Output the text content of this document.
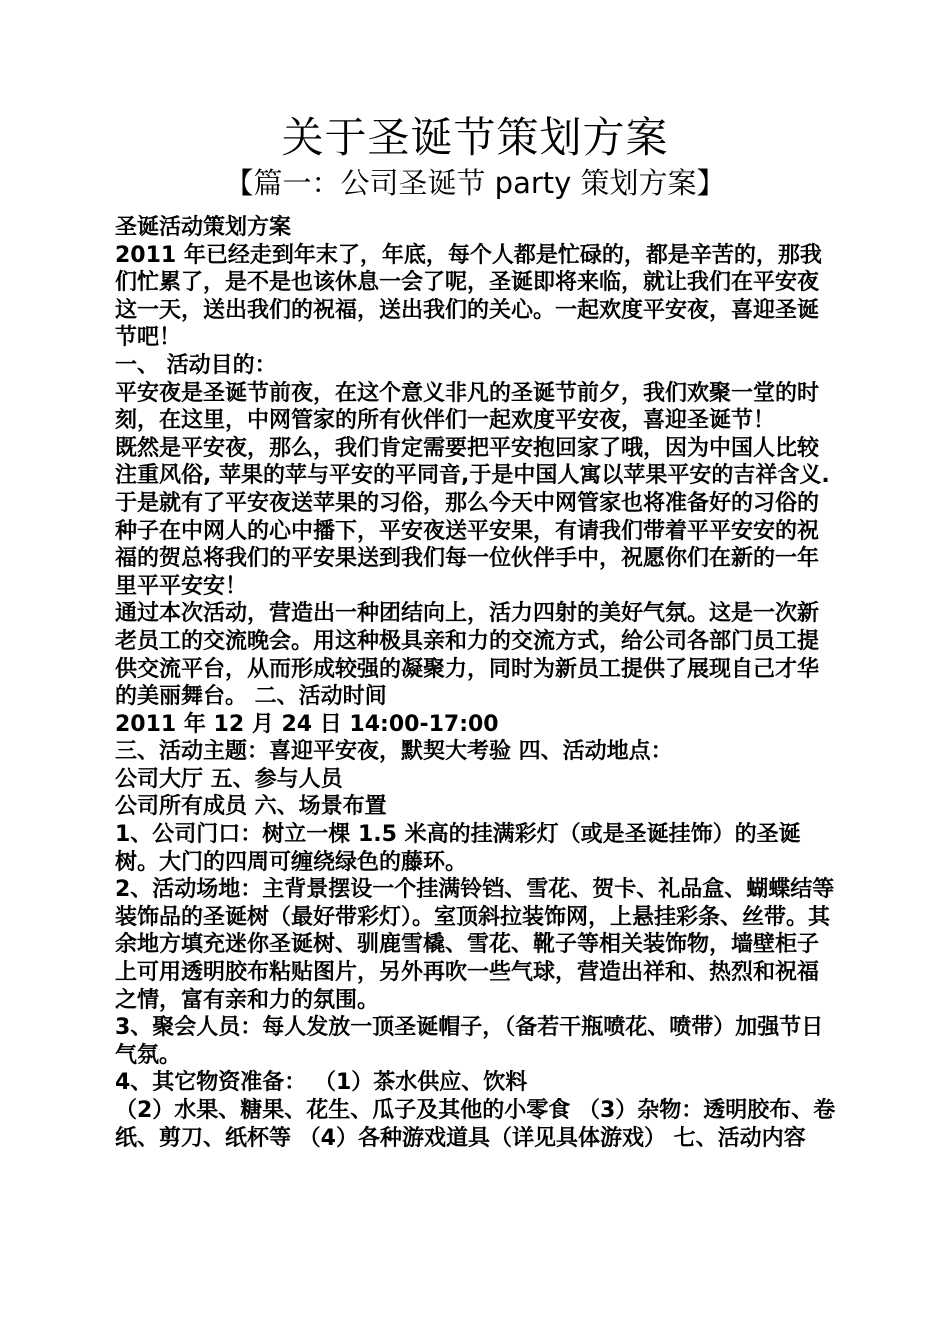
关于圣诞节策划方案
【篇一：公司圣诞节 party 策划方案】

圣诞活动策划方案

2011 年已经走到年末了，年底，每个人都是忙碌的，都是辛苦的，那我们忙累了，是不是也该休息一会了呢，圣诞即将来临，就让我们在平安夜这一天，送出我们的祝福，送出我们的关心。一起欢度平安夜，喜迎圣诞节吧！

一、 活动目的：

平安夜是圣诞节前夜，在这个意义非凡的圣诞节前夕，我们欢聚一堂的时刻，在这里，中网管家的所有伙伴们一起欢度平安夜，喜迎圣诞节！

既然是平安夜，那么，我们肯定需要把平安抱回家了哦，因为中国人比较注重风俗, 苹果的苹与平安的平同音,于是中国人寓以苹果平安的吉祥含义. 于是就有了平安夜送苹果的习俗，那么今天中网管家也将准备好的习俗的种子在中网人的心中播下，平安夜送平安果，有请我们带着平平安安的祝福的贺总将我们的平安果送到我们每一位伙伴手中，祝愿你们在新的一年里平平安安！

通过本次活动，营造出一种团结向上，活力四射的美好气氛。这是一次新老员工的交流晚会。用这种极具亲和力的交流方式，给公司各部门员工提供交流平台，从而形成较强的凝聚力，同时为新员工提供了展现自己才华的美丽舞台。 二、活动时间

2011 年 12 月 24 日 14:00-17:00

三、活动主题：喜迎平安夜，默契大考验 四、活动地点：

公司大厅 五、参与人员

公司所有成员 六、场景布置

1、公司门口：树立一棵 1.5 米高的挂满彩灯（或是圣诞挂饰）的圣诞树。大门的四周可缠绕绿色的藤环。

2、活动场地：主背景摆设一个挂满铃铛、雪花、贺卡、礼品盒、蝴蝶结等装饰品的圣诞树（最好带彩灯）。室顶斜拉装饰网，上悬挂彩条、丝带。其余地方填充迷你圣诞树、驯鹿雪橇、雪花、靴子等相关装饰物，墙壁柜子上可用透明胶布粘贴图片，另外再吹一些气球，营造出祥和、热烈和祝福之情，富有亲和力的氛围。

3、聚会人员：每人发放一顶圣诞帽子，（备若干瓶喷花、喷带）加强节日气氛。

4、其它物资准备： （1）茶水供应、饮料

（2）水果、糖果、花生、瓜子及其他的小零食 （3）杂物：透明胶布、卷纸、剪刀、纸杯等 （4）各种游戏道具（详见具体游戏） 七、活动内容
